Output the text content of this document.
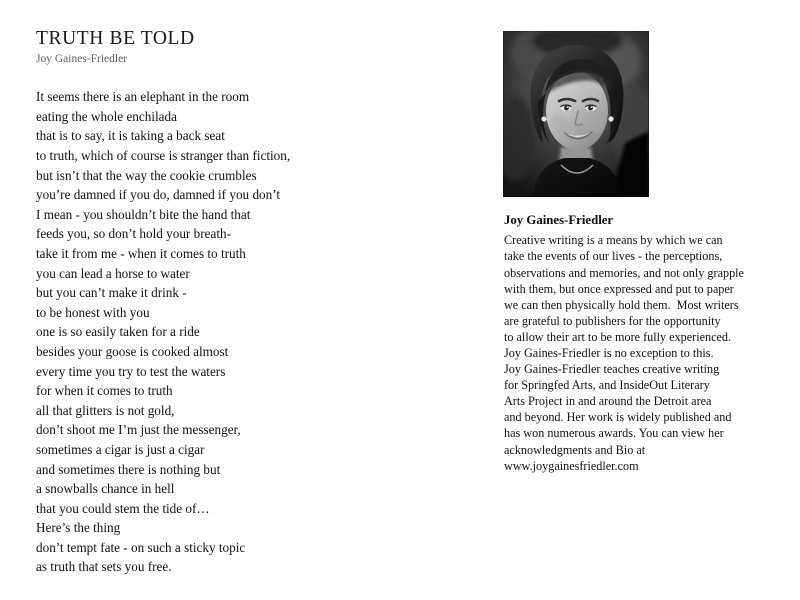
TRUTH BE TOLD

Joy Gaines-Friedler

It seems there is an elephant in the room
eating the whole enchilada
that is to say, it is taking a back seat
to truth, which of course is stranger than fiction,
but isn’t that the way the cookie crumbles
you’re damned if you do, damned if you don’t
I mean - you shouldn’t bite the hand that
feeds you, so don’t hold your breath-
take it from me - when it comes to truth
you can lead a horse to water
but you can’t make it drink -
to be honest with you
one is so easily taken for a ride
besides your goose is cooked almost
every time you try to test the waters
for when it comes to truth
all that glitters is not gold,
don’t shoot me I’m just the messenger,
sometimes a cigar is just a cigar
and sometimes there is nothing but
a snowballs chance in hell
that you could stem the tide of…
Here’s the thing
don’t tempt fate - on such a sticky topic
as truth that sets you free.
Joy Gaines-Friedler
Creative writing is a means by which we can
take the events of our lives - the perceptions,
observations and memories, and not only grapple
with them, but once expressed and put to paper
we can then physically hold them.  Most writers
are grateful to publishers for the opportunity
to allow their art to be more fully experienced.
Joy Gaines-Friedler is no exception to this.
Joy Gaines-Friedler teaches creative writing
for Springfed Arts, and InsideOut Literary
Arts Project in and around the Detroit area
and beyond. Her work is widely published and
has won numerous awards. You can view her
acknowledgments and Bio at
www.joygainesfriedler.com
